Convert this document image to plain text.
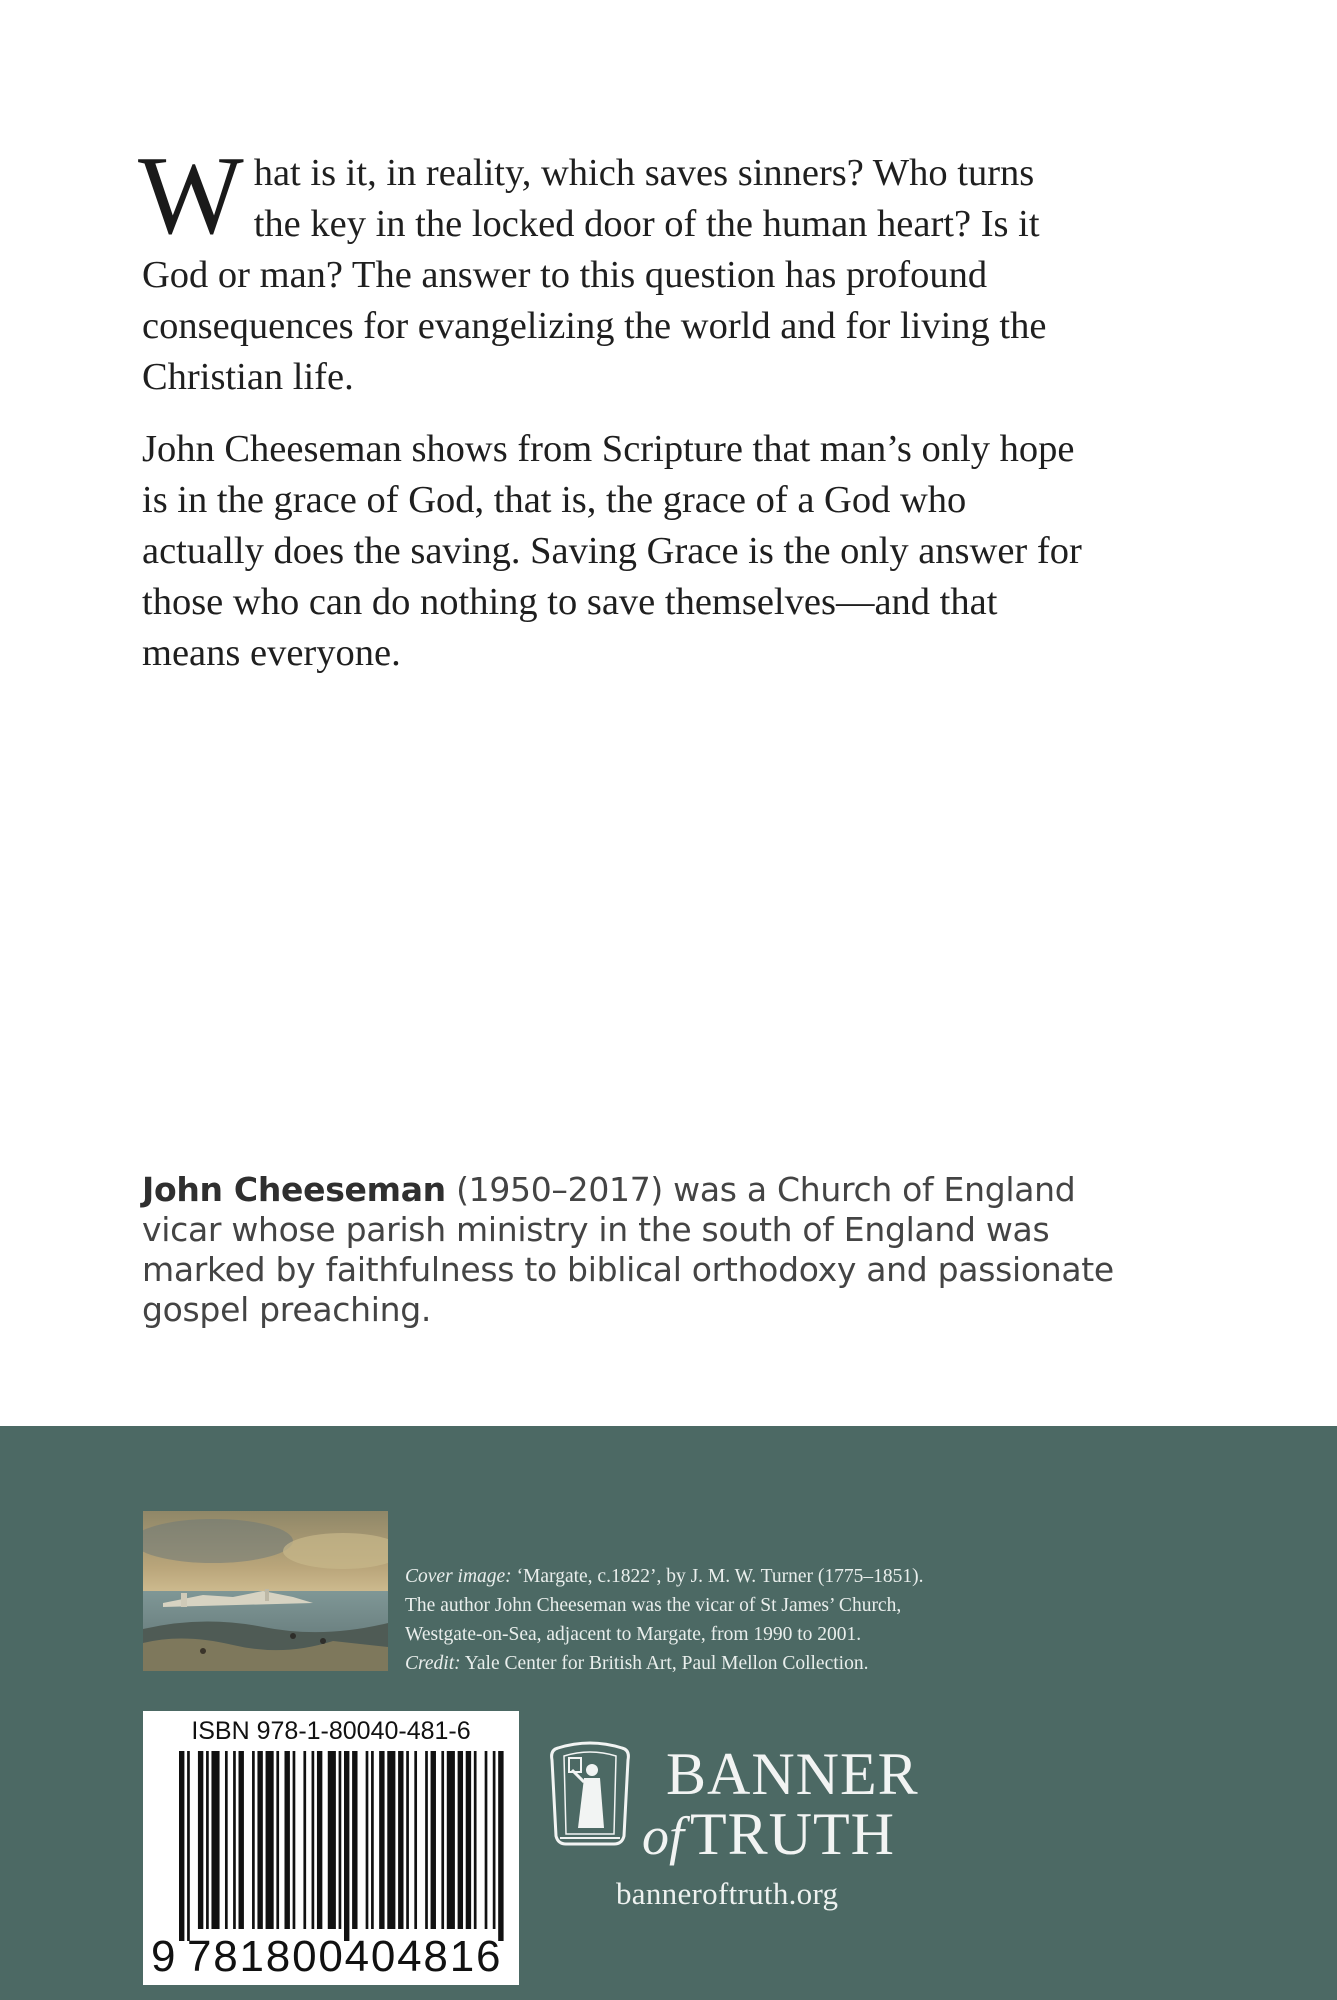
What is it, in reality, which saves sinners? Who turns the key in the locked door of the human heart? Is it God or man? The answer to this question has profound consequences for evangelizing the world and for living the Christian life.

John Cheeseman shows from Scripture that man’s only hope is in the grace of God, that is, the grace of a God who actually does the saving. Saving Grace is the only answer for those who can do nothing to save themselves—and that means everyone.

John Cheeseman (1950–2017) was a Church of England vicar whose parish ministry in the south of England was marked by faithfulness to biblical orthodoxy and passionate gospel preaching.
Cover image: ‘Margate, c.1822’, by J. M. W. Turner (1775–1851).
The author John Cheeseman was the vicar of St James’ Church,
Westgate-on-Sea, adjacent to Margate, from 1990 to 2001.
Credit: Yale Center for British Art, Paul Mellon Collection.
ISBN 978-1-80040-481-6
9 781800404816
BANNER
of TRUTH
banneroftruth.org
